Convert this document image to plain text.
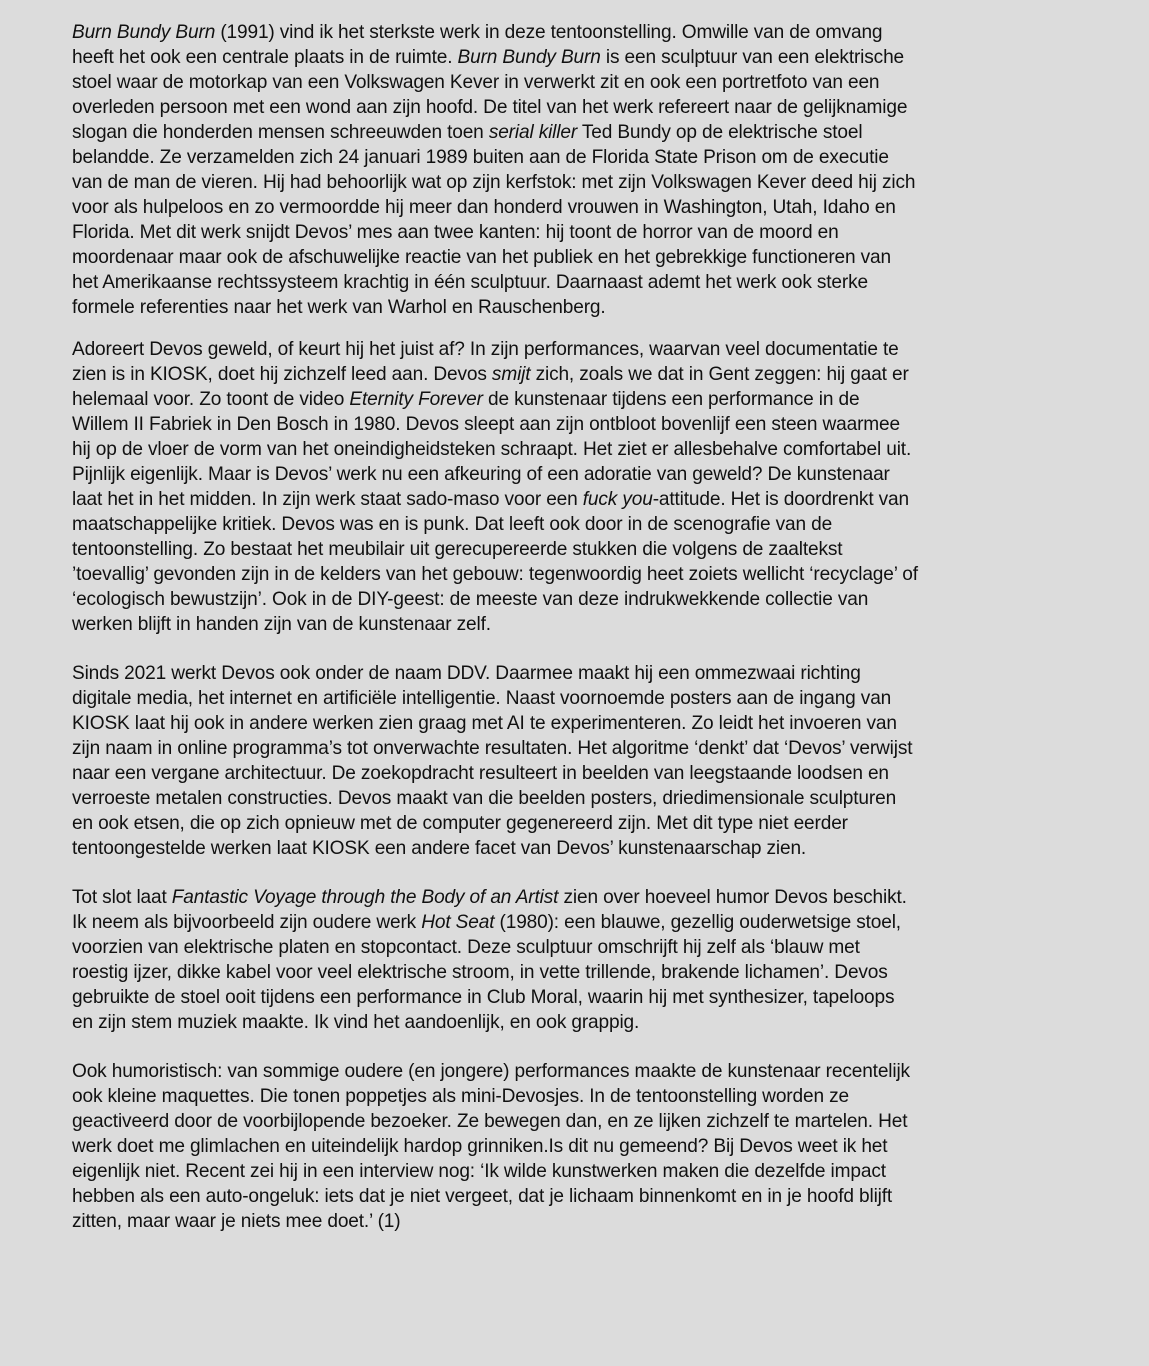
Burn Bundy Burn (1991) vind ik het sterkste werk in deze tentoonstelling. Omwille van de omvang heeft het ook een centrale plaats in de ruimte. Burn Bundy Burn is een sculptuur van een elektrische stoel waar de motorkap van een Volkswagen Kever in verwerkt zit en ook een portretfoto van een overleden persoon met een wond aan zijn hoofd. De titel van het werk refereert naar de gelijknamige slogan die honderden mensen schreeuwden toen serial killer Ted Bundy op de elektrische stoel belandde. Ze verzamelden zich 24 januari 1989 buiten aan de Florida State Prison om de executie van de man de vieren. Hij had behoorlijk wat op zijn kerfstok: met zijn Volkswagen Kever deed hij zich voor als hulpeloos en zo vermoordde hij meer dan honderd vrouwen in Washington, Utah, Idaho en Florida. Met dit werk snijdt Devos’ mes aan twee kanten: hij toont de horror van de moord en moordenaar maar ook de afschuwelijke reactie van het publiek en het gebrekkige functioneren van het Amerikaanse rechtssysteem krachtig in één sculptuur. Daarnaast ademt het werk ook sterke formele referenties naar het werk van Warhol en Rauschenberg.

Adoreert Devos geweld, of keurt hij het juist af? In zijn performances, waarvan veel documentatie te zien is in KIOSK, doet hij zichzelf leed aan. Devos smijt zich, zoals we dat in Gent zeggen: hij gaat er helemaal voor. Zo toont de video Eternity Forever de kunstenaar tijdens een performance in de Willem II Fabriek in Den Bosch in 1980. Devos sleept aan zijn ontbloot bovenlijf een steen waarmee hij op de vloer de vorm van het oneindigheidsteken schraapt. Het ziet er allesbehalve comfortabel uit. Pijnlijk eigenlijk. Maar is Devos’ werk nu een afkeuring of een adoratie van geweld? De kunstenaar laat het in het midden. In zijn werk staat sado-maso voor een fuck you-attitude. Het is doordrenkt van maatschappelijke kritiek. Devos was en is punk. Dat leeft ook door in de scenografie van de tentoonstelling. Zo bestaat het meubilair uit gerecupereerde stukken die volgens de zaaltekst ’toevallig’ gevonden zijn in de kelders van het gebouw: tegenwoordig heet zoiets wellicht ‘recyclage’ of ‘ecologisch bewustzijn’. Ook in de DIY-geest: de meeste van deze indrukwekkende collectie van werken blijft in handen zijn van de kunstenaar zelf.

Sinds 2021 werkt Devos ook onder de naam DDV. Daarmee maakt hij een ommezwaai richting digitale media, het internet en artificiële intelligentie. Naast voornoemde posters aan de ingang van KIOSK laat hij ook in andere werken zien graag met AI te experimenteren. Zo leidt het invoeren van zijn naam in online programma’s tot onverwachte resultaten. Het algoritme ‘denkt’ dat ‘Devos’ verwijst naar een vergane architectuur. De zoekopdracht resulteert in beelden van leegstaande loodsen en verroeste metalen constructies. Devos maakt van die beelden posters, driedimensionale sculpturen en ook etsen, die op zich opnieuw met de computer gegenereerd zijn. Met dit type niet eerder tentoongestelde werken laat KIOSK een andere facet van Devos’ kunstenaarschap zien.

Tot slot laat Fantastic Voyage through the Body of an Artist zien over hoeveel humor Devos beschikt. Ik neem als bijvoorbeeld zijn oudere werk Hot Seat (1980): een blauwe, gezellig ouderwetsige stoel, voorzien van elektrische platen en stopcontact. Deze sculptuur omschrijft hij zelf als ‘blauw met roestig ijzer, dikke kabel voor veel elektrische stroom, in vette trillende, brakende lichamen’. Devos gebruikte de stoel ooit tijdens een performance in Club Moral, waarin hij met synthesizer, tapeloops en zijn stem muziek maakte. Ik vind het aandoenlijk, en ook grappig.

Ook humoristisch: van sommige oudere (en jongere) performances maakte de kunstenaar recentelijk ook kleine maquettes. Die tonen poppetjes als mini-Devosjes. In de tentoonstelling worden ze geactiveerd door de voorbijlopende bezoeker. Ze bewegen dan, en ze lijken zichzelf te martelen. Het werk doet me glimlachen en uiteindelijk hardop grinniken.Is dit nu gemeend? Bij Devos weet ik het eigenlijk niet. Recent zei hij in een interview nog: ‘Ik wilde kunstwerken maken die dezelfde impact hebben als een auto-ongeluk: iets dat je niet vergeet, dat je lichaam binnenkomt en in je hoofd blijft zitten, maar waar je niets mee doet.’ (1)
